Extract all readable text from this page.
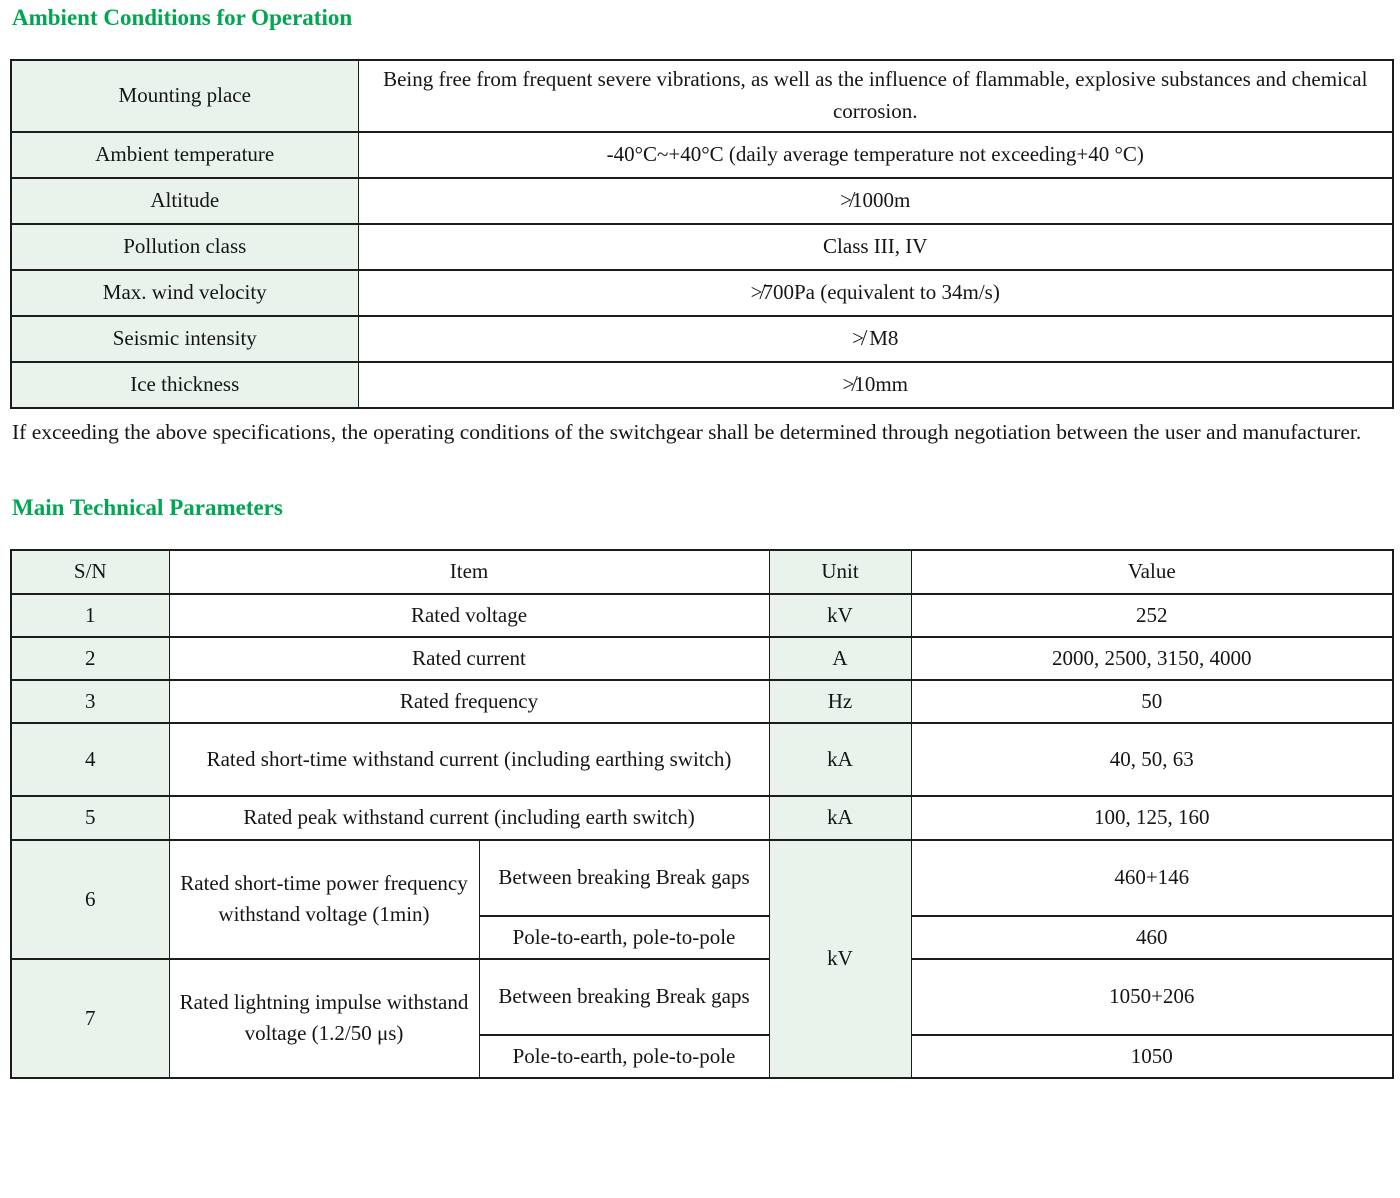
Ambient Conditions for Operation
Mounting place	Being free from frequent severe vibrations, as well as the influence of flammable, explosive substances and chemical corrosion.
Ambient temperature	-40°C~+40°C (daily average temperature not exceeding+40 °C)
Altitude	≯1000m
Pollution class	Class III, IV
Max. wind velocity	≯700Pa (equivalent to 34m/s)
Seismic intensity	≯ M8
Ice thickness	≯10mm

If exceeding the above specifications, the operating conditions of the switchgear shall be determined through negotiation between the user and manufacturer.

Main Technical Parameters
S/N	Item		Unit	Value
1	Rated voltage		kV	252
2	Rated current		A	2000, 2500, 3150, 4000
3	Rated frequency		Hz	50
4	Rated short-time withstand current (including earthing switch)		kA	40, 50, 63
5	Rated peak withstand current (including earth switch)		kA	100, 125, 160
6	Rated short-time power frequency withstand voltage (1min)	Between breaking Break gaps	kV	460+146
		Pole-to-earth, pole-to-pole		460
7	Rated lightning impulse withstand voltage (1.2/50 μs)	Between breaking Break gaps		1050+206
		Pole-to-earth, pole-to-pole		1050
